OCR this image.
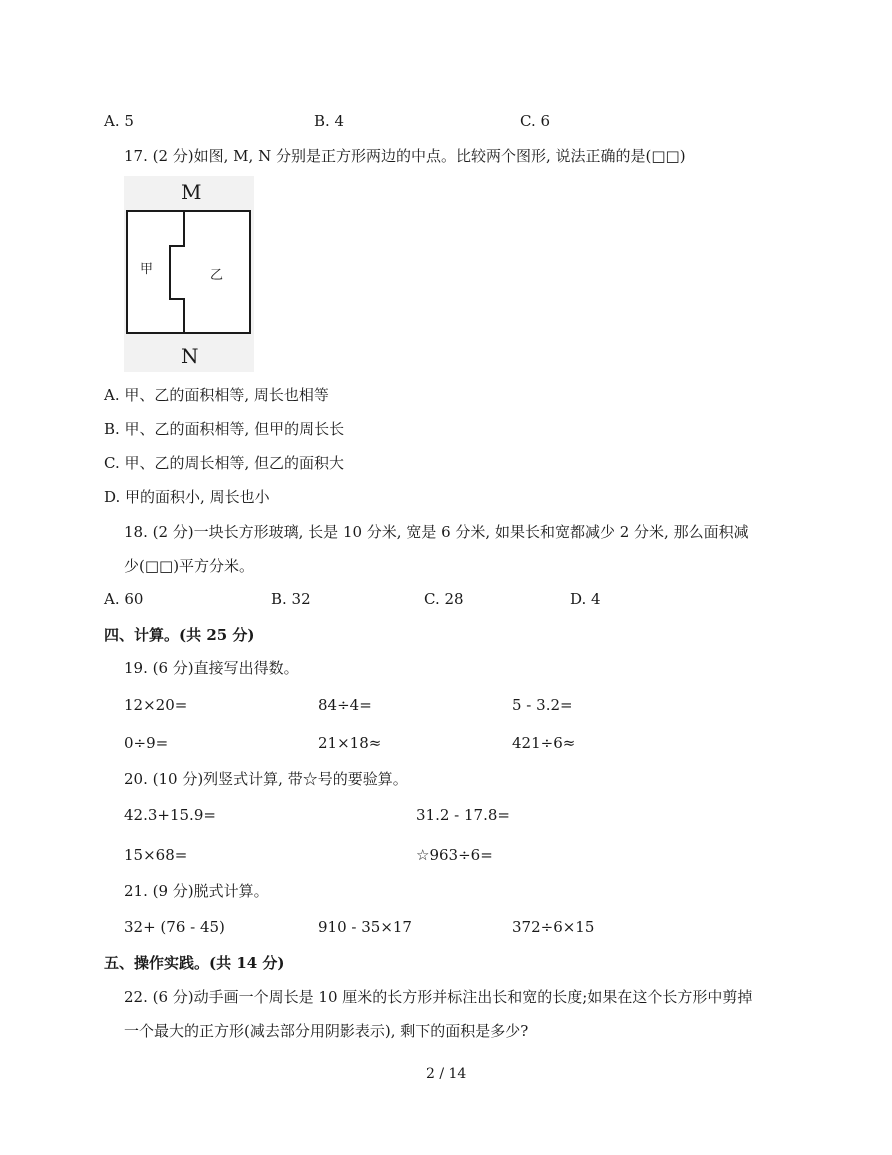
A. 5	B. 4	C. 6
17. (2 分)如图, M, N 分别是正方形两边的中点。比较两个图形, 说法正确的是(□□)
M
N
甲	乙
A. 甲、乙的面积相等, 周长也相等
B. 甲、乙的面积相等, 但甲的周长长
C. 甲、乙的周长相等, 但乙的面积大
D. 甲的面积小, 周长也小
18. (2 分)一块长方形玻璃, 长是 10 分米, 宽是 6 分米, 如果长和宽都减少 2 分米, 那么面积减
少(□□)平方分米。
A. 60	B. 32	C. 28	D. 4
四、计算。(共 25 分)
19. (6 分)直接写出得数。
12×20=	84÷4=	5 - 3.2=
0÷9=	21×18≈	421÷6≈
20. (10 分)列竖式计算, 带☆号的要验算。
42.3+15.9=	31.2 - 17.8=
15×68=	☆963÷6=
21. (9 分)脱式计算。
32+ (76 - 45)	910 - 35×17	372÷6×15
五、操作实践。(共 14 分)
22. (6 分)动手画一个周长是 10 厘米的长方形并标注出长和宽的长度;如果在这个长方形中剪掉
一个最大的正方形(减去部分用阴影表示), 剩下的面积是多少?
2 / 14
